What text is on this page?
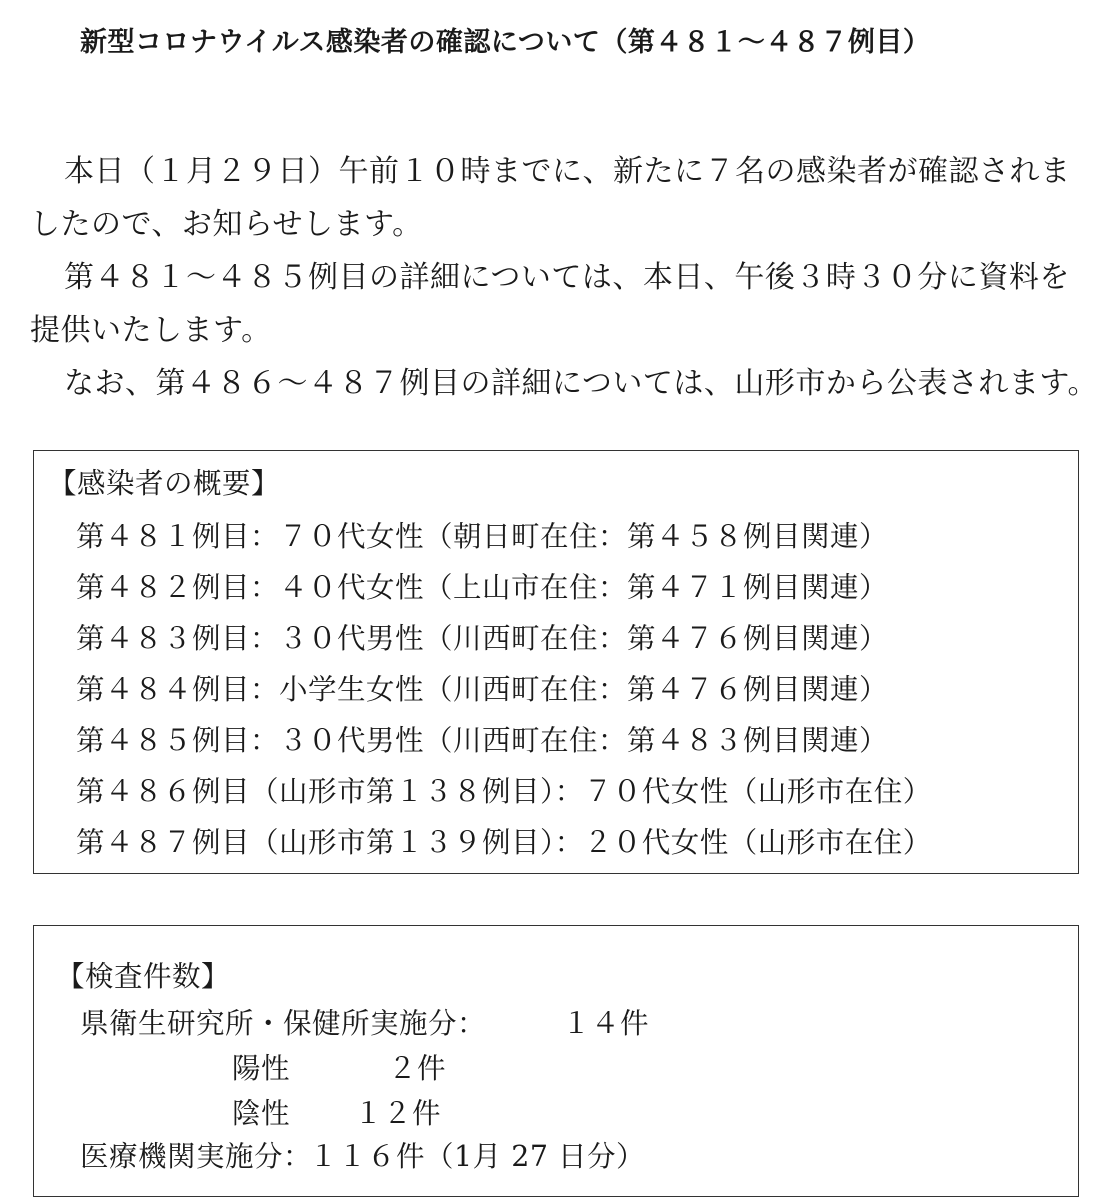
新型コロナウイルス感染者の確認について（第４８１～４８７例目）
本日（１月２９日）午前１０時までに、新たに７名の感染者が確認されま
したので、お知らせします。
第４８１～４８５例目の詳細については、本日、午後３時３０分に資料を
提供いたします。
なお、第４８６～４８７例目の詳細については、山形市から公表されます。
【感染者の概要】
第４８１例目：７０代女性（朝日町在住：第４５８例目関連）
第４８２例目：４０代女性（上山市在住：第４７１例目関連）
第４８３例目：３０代男性（川西町在住：第４７６例目関連）
第４８４例目：小学生女性（川西町在住：第４７６例目関連）
第４８５例目：３０代男性（川西町在住：第４８３例目関連）
第４８６例目（山形市第１３８例目）：７０代女性（山形市在住）
第４８７例目（山形市第１３９例目）：２０代女性（山形市在住）
【検査件数】
県衛生研究所・保健所実施分：	１４件
陽性	２件
陰性 １２件
医療機関実施分：
１１６件（1月 27 日分）
